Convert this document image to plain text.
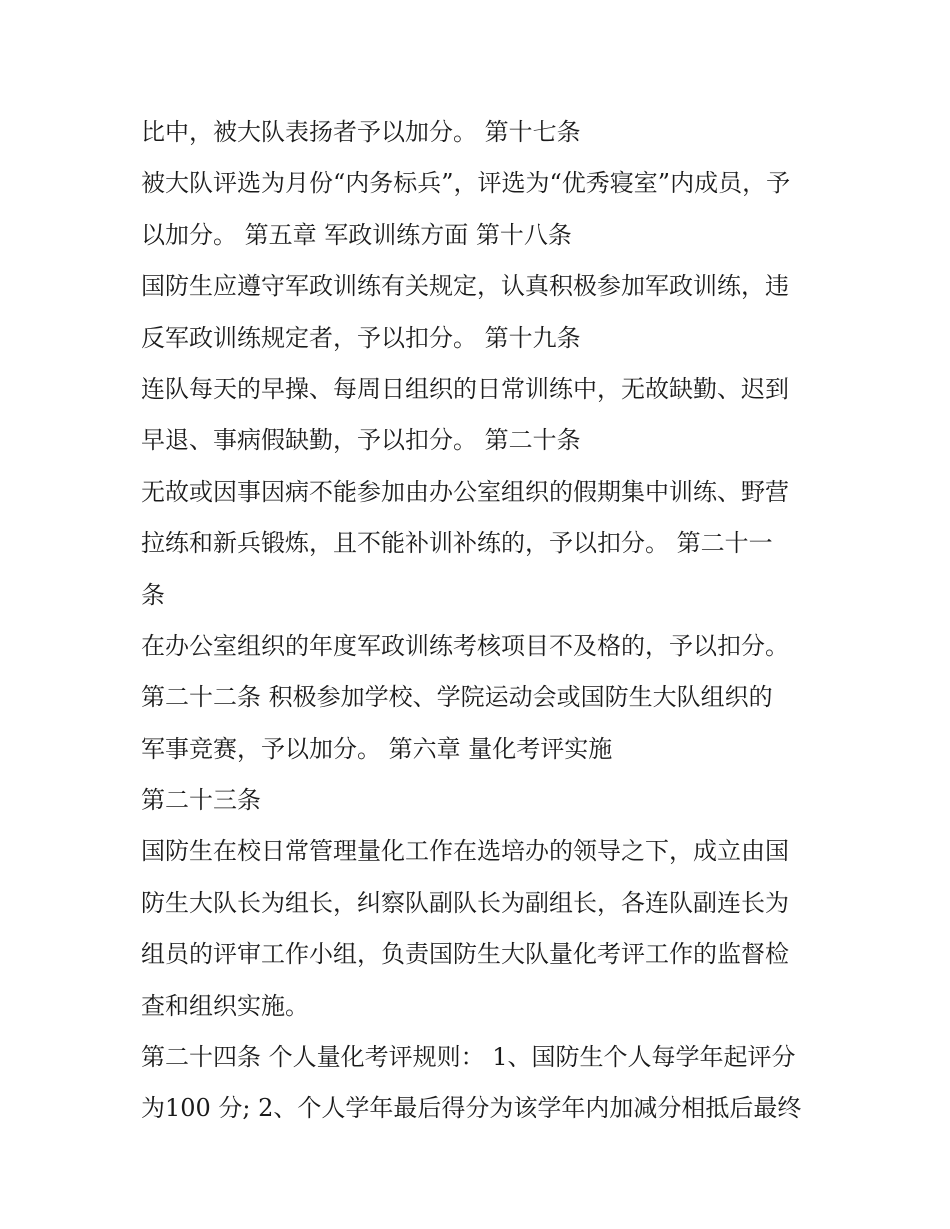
比中，被大队表扬者予以加分。 第十七条
被大队评选为月份“内务标兵”，评选为“优秀寝室”内成员，予
以加分。 第五章 军政训练方面 第十八条
国防生应遵守军政训练有关规定，认真积极参加军政训练，违
反军政训练规定者，予以扣分。 第十九条
连队每天的早操、每周日组织的日常训练中，无故缺勤、迟到
早退、事病假缺勤，予以扣分。 第二十条
无故或因事因病不能参加由办公室组织的假期集中训练、野营
拉练和新兵锻炼，且不能补训补练的，予以扣分。 第二十一
条
在办公室组织的年度军政训练考核项目不及格的，予以扣分。
第二十二条 积极参加学校、学院运动会或国防生大队组织的
军事竞赛，予以加分。 第六章 量化考评实施
第二十三条
国防生在校日常管理量化工作在选培办的领导之下，成立由国
防生大队长为组长，纠察队副队长为副组长，各连队副连长为
组员的评审工作小组，负责国防生大队量化考评工作的监督检
查和组织实施。
第二十四条 个人量化考评规则： 1、国防生个人每学年起评分
为100 分; 2、个人学年最后得分为该学年内加减分相抵后最终
